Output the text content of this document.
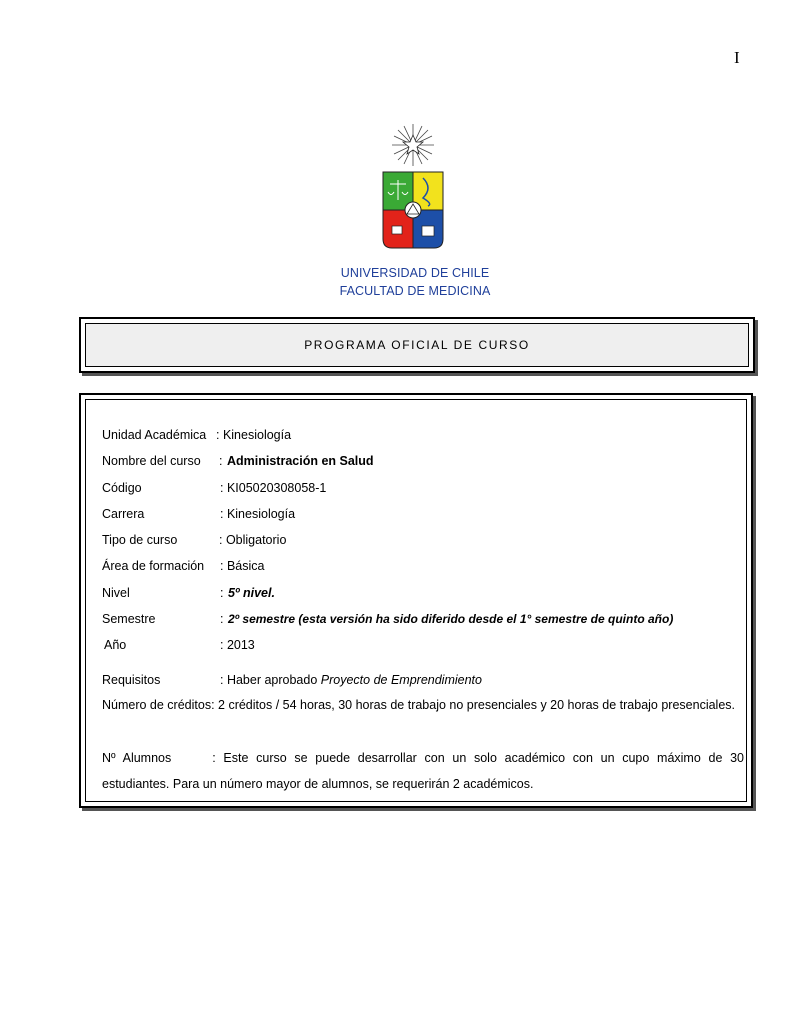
I
UNIVERSIDAD DE CHILE
FACULTAD DE MEDICINA
PROGRAMA OFICIAL DE CURSO
Unidad Académica : Kinesiología
Nombre del curso : Administración en Salud
Código	: KI05020308058-1
Carrera	: Kinesiología
Tipo de curso	: Obligatorio
Área de formación : Básica
Nivel	: 5º nivel.
Semestre	: 2º semestre (esta versión ha sido diferido desde el 1° semestre de quinto año)
Año	: 2013
Requisitos	: Haber aprobado Proyecto de Emprendimiento
Número de créditos: 2 créditos / 54 horas, 30 horas de trabajo no presenciales y 20 horas de trabajo presenciales.
Nº Alumnos	: Este curso se puede desarrollar con un solo académico con un cupo máximo de 30 estudiantes. Para un número mayor de alumnos, se requerirán 2 académicos.
